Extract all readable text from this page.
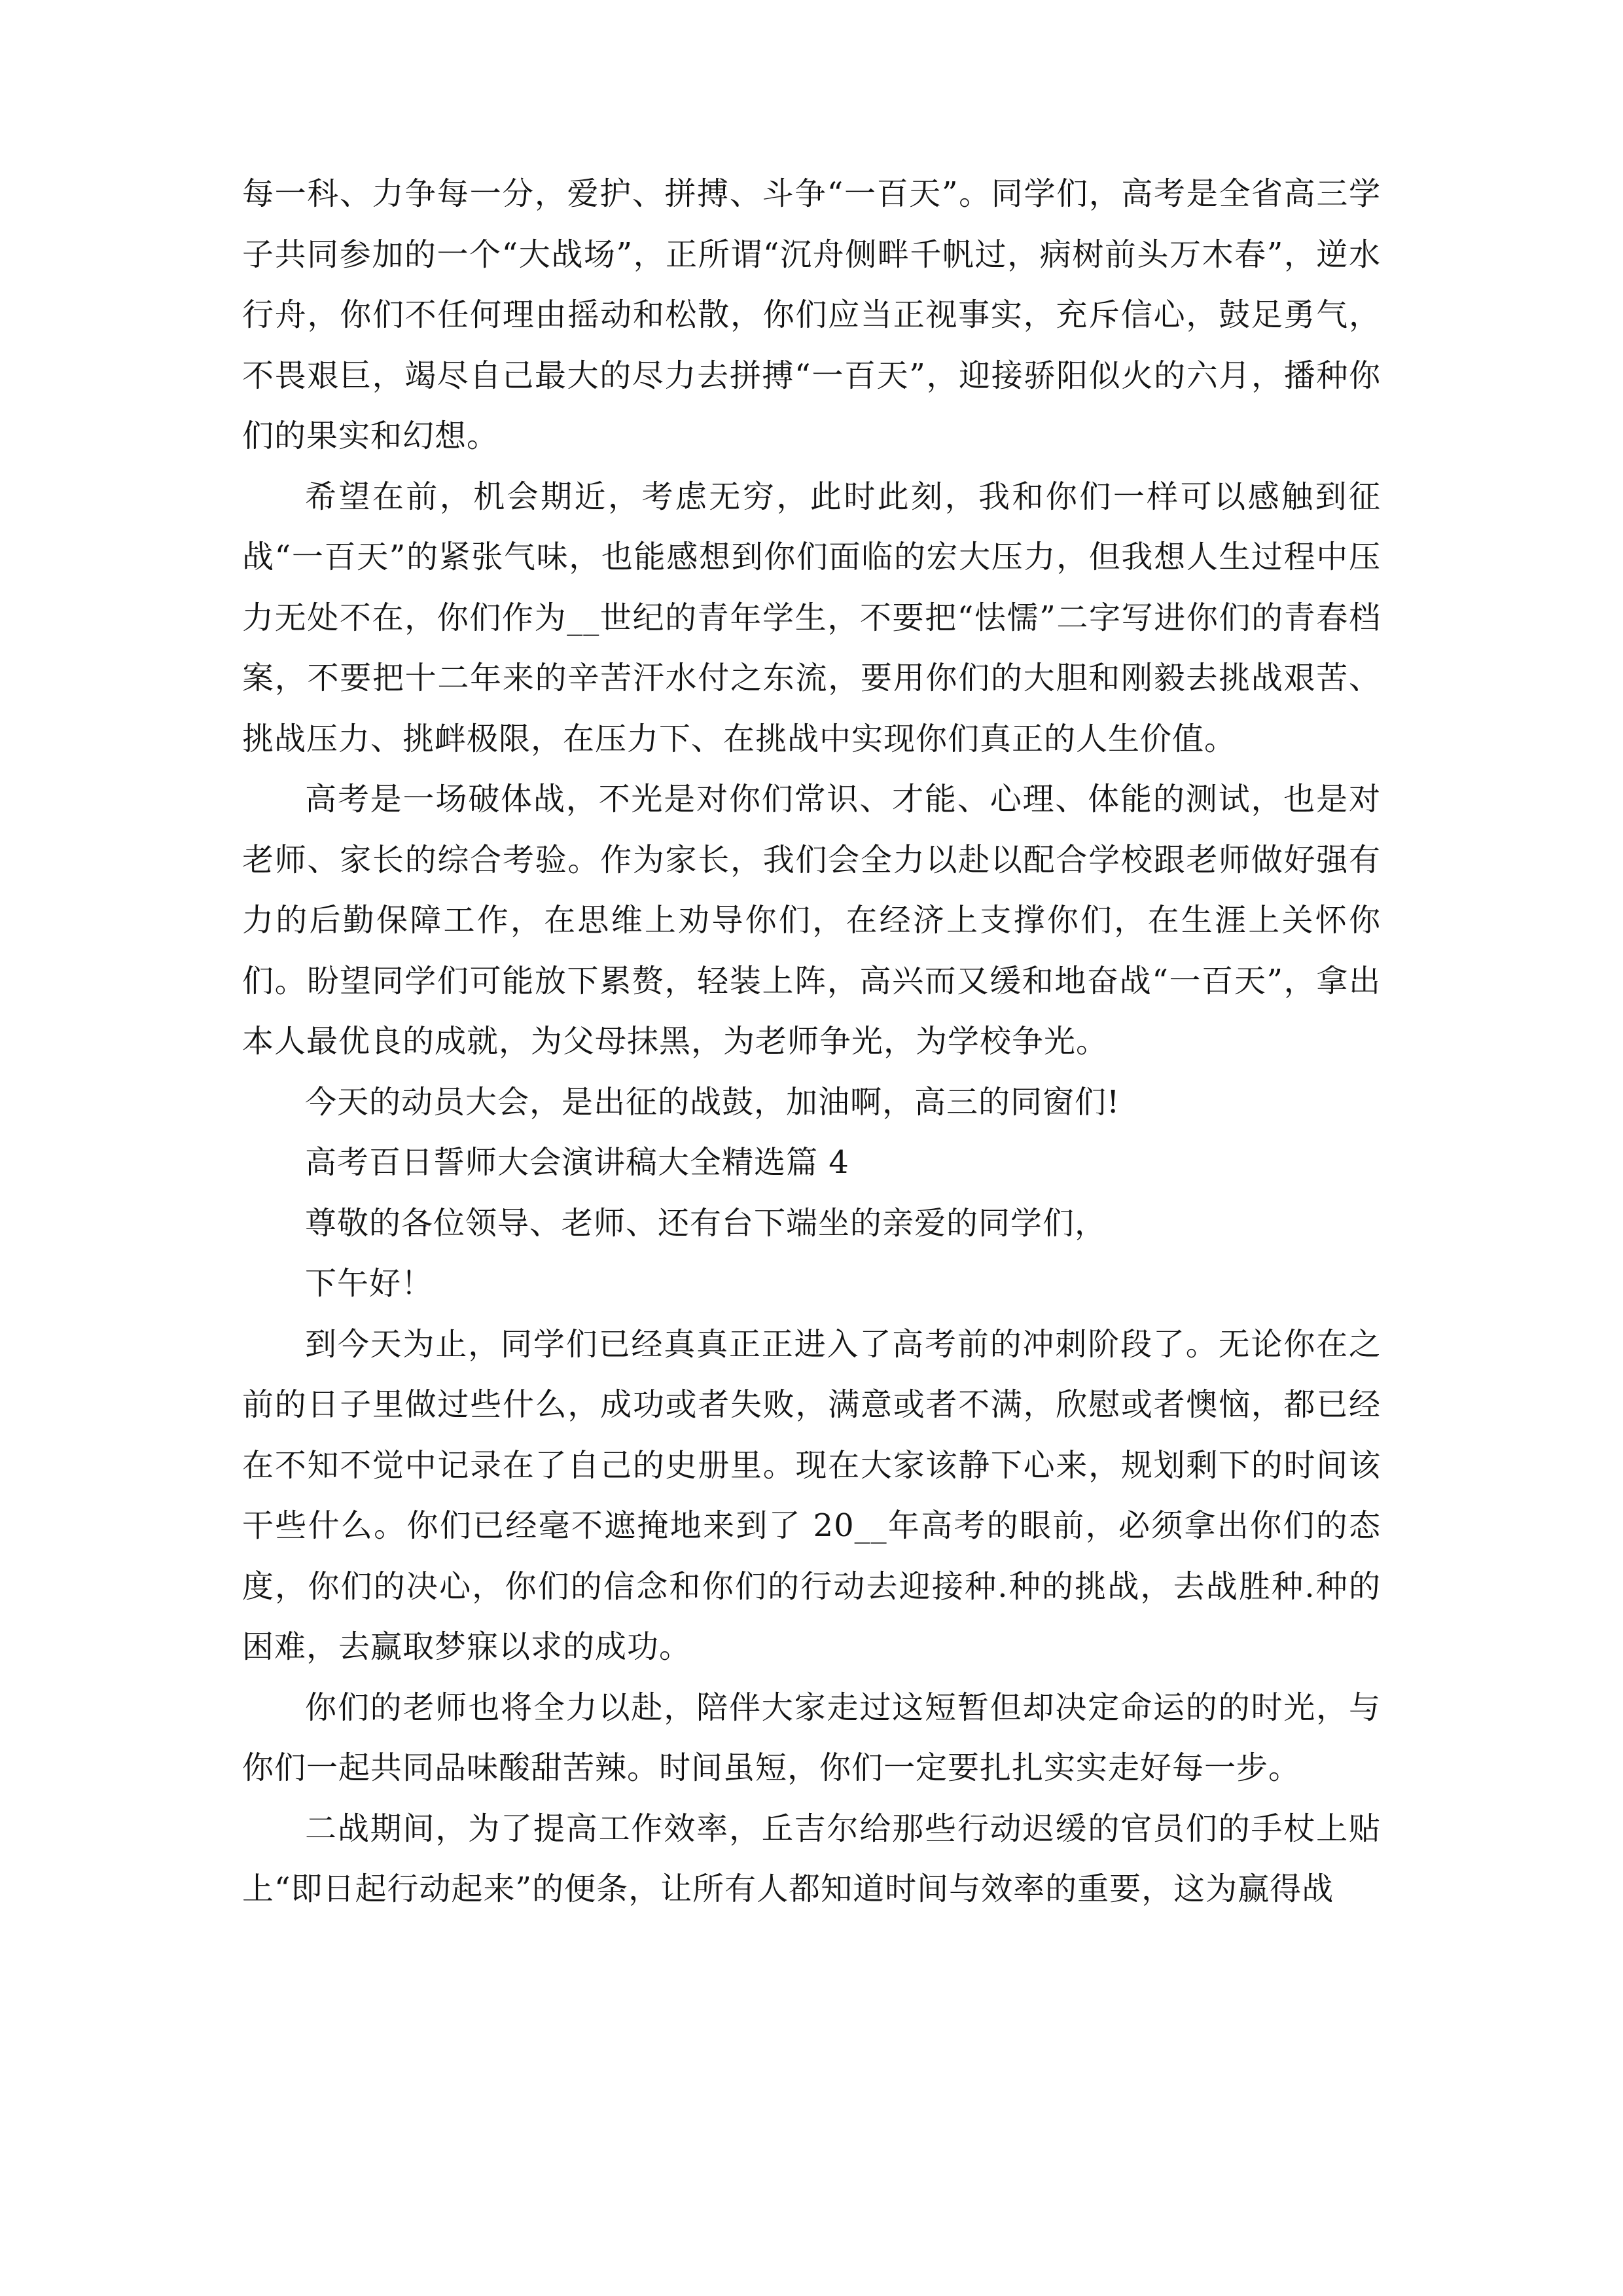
每一科、力争每一分，爱护、拼搏、斗争“一百天”。同学们，高考是全省高三学子共同参加的一个“大战场”，正所谓“沉舟侧畔千帆过，病树前头万木春”，逆水行舟，你们不任何理由摇动和松散，你们应当正视事实，充斥信心，鼓足勇气，不畏艰巨，竭尽自己最大的尽力去拼搏“一百天”，迎接骄阳似火的六月，播种你们的果实和幻想。

希望在前，机会期近，考虑无穷，此时此刻，我和你们一样可以感触到征战“一百天”的紧张气味，也能感想到你们面临的宏大压力，但我想人生过程中压力无处不在，你们作为__世纪的青年学生，不要把“怯懦”二字写进你们的青春档案，不要把十二年来的辛苦汗水付之东流，要用你们的大胆和刚毅去挑战艰苦、挑战压力、挑衅极限，在压力下、在挑战中实现你们真正的人生价值。

高考是一场破体战，不光是对你们常识、才能、心理、体能的测试，也是对老师、家长的综合考验。作为家长，我们会全力以赴以配合学校跟老师做好强有力的后勤保障工作，在思维上劝导你们，在经济上支撑你们，在生涯上关怀你们。盼望同学们可能放下累赘，轻装上阵，高兴而又缓和地奋战“一百天”，拿出本人最优良的成就，为父母抹黑，为老师争光，为学校争光。

今天的动员大会，是出征的战鼓，加油啊，高三的同窗们!

高考百日誓师大会演讲稿大全精选篇 4

尊敬的各位领导、老师、还有台下端坐的亲爱的同学们，

下午好！

到今天为止，同学们已经真真正正进入了高考前的冲刺阶段了。无论你在之前的日子里做过些什么，成功或者失败，满意或者不满，欣慰或者懊恼，都已经在不知不觉中记录在了自己的史册里。现在大家该静下心来，规划剩下的时间该干些什么。你们已经毫不遮掩地来到了 20__年高考的眼前，必须拿出你们的态度，你们的决心，你们的信念和你们的行动去迎接种.种的挑战，去战胜种.种的困难，去赢取梦寐以求的成功。

你们的老师也将全力以赴，陪伴大家走过这短暂但却决定命运的的时光，与你们一起共同品味酸甜苦辣。时间虽短，你们一定要扎扎实实走好每一步。

二战期间，为了提高工作效率，丘吉尔给那些行动迟缓的官员们的手杖上贴上“即日起行动起来”的便条，让所有人都知道时间与效率的重要，这为赢得战
